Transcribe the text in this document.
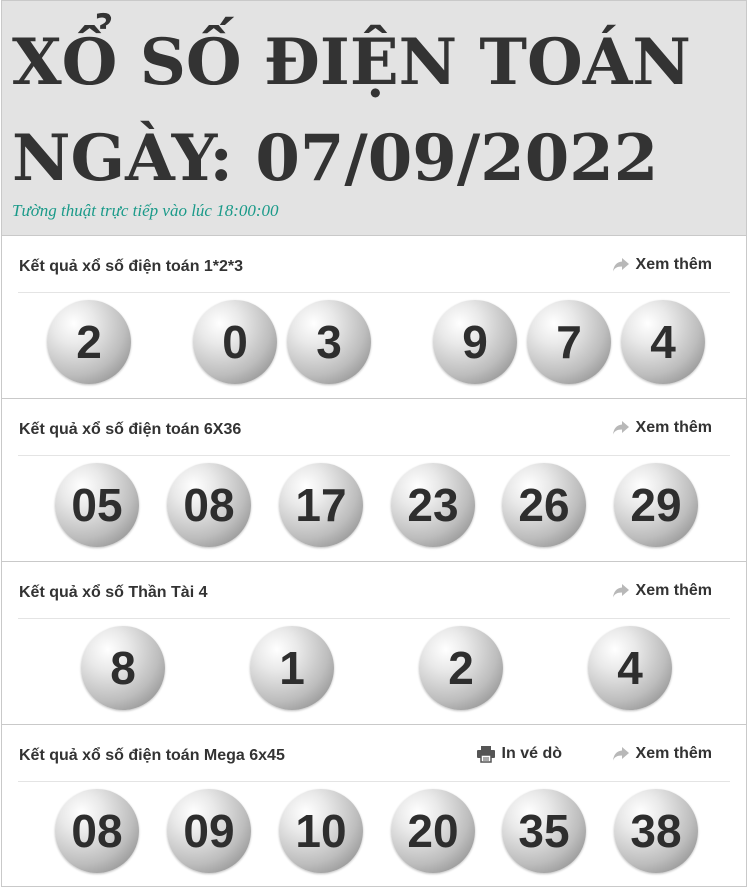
XỔ SỐ ĐIỆN TOÁN
NGÀY: 07/09/2022
Tường thuật trực tiếp vào lúc 18:00:00
Kết quả xổ số điện toán 1*2*3	Xem thêm
2	0	3	9	7	4
Kết quả xổ số điện toán 6X36	Xem thêm
05	08	17	23	26	29
Kết quả xổ số Thần Tài 4	Xem thêm
8	1	2	4
Kết quả xổ số điện toán Mega 6x45	In vé dò	Xem thêm
08	09	10	20	35	38
